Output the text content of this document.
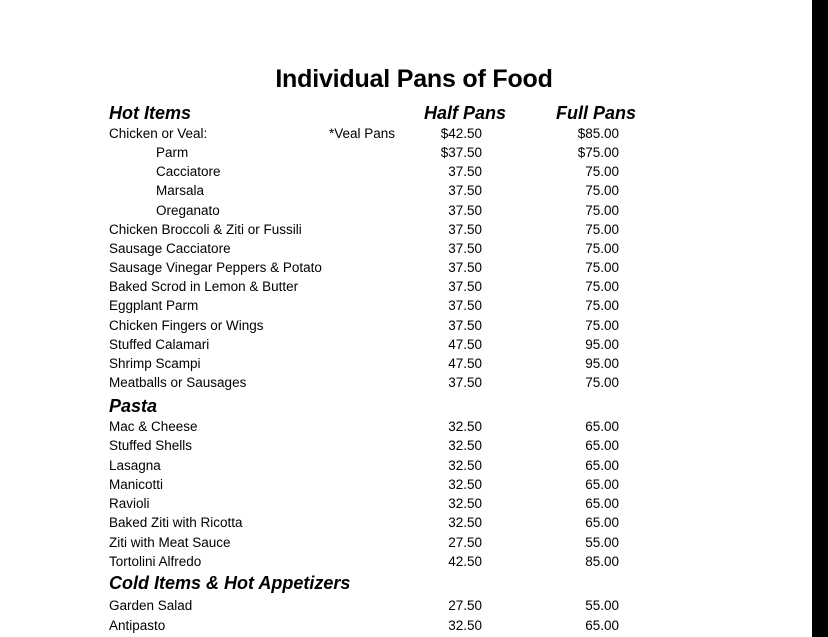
Individual Pans of Food
Hot Items	Half Pans	Full Pans
Chicken or Veal:	*Veal Pans	$42.50	$85.00
Parm	$37.50	$75.00
Cacciatore	37.50	75.00
Marsala	37.50	75.00
Oreganato	37.50	75.00
Chicken Broccoli & Ziti or Fussili	37.50	75.00
Sausage Cacciatore	37.50	75.00
Sausage Vinegar Peppers & Potato	37.50	75.00
Baked Scrod in Lemon & Butter	37.50	75.00
Eggplant Parm	37.50	75.00
Chicken Fingers or Wings	37.50	75.00
Stuffed Calamari	47.50	95.00
Shrimp Scampi	47.50	95.00
Meatballs or Sausages	37.50	75.00
Pasta
Mac & Cheese	32.50	65.00
Stuffed Shells	32.50	65.00
Lasagna	32.50	65.00
Manicotti	32.50	65.00
Ravioli	32.50	65.00
Baked Ziti with Ricotta	32.50	65.00
Ziti with Meat Sauce	27.50	55.00
Tortolini Alfredo	42.50	85.00
Cold Items & Hot Appetizers
Garden Salad	27.50	55.00
Antipasto	32.50	65.00
